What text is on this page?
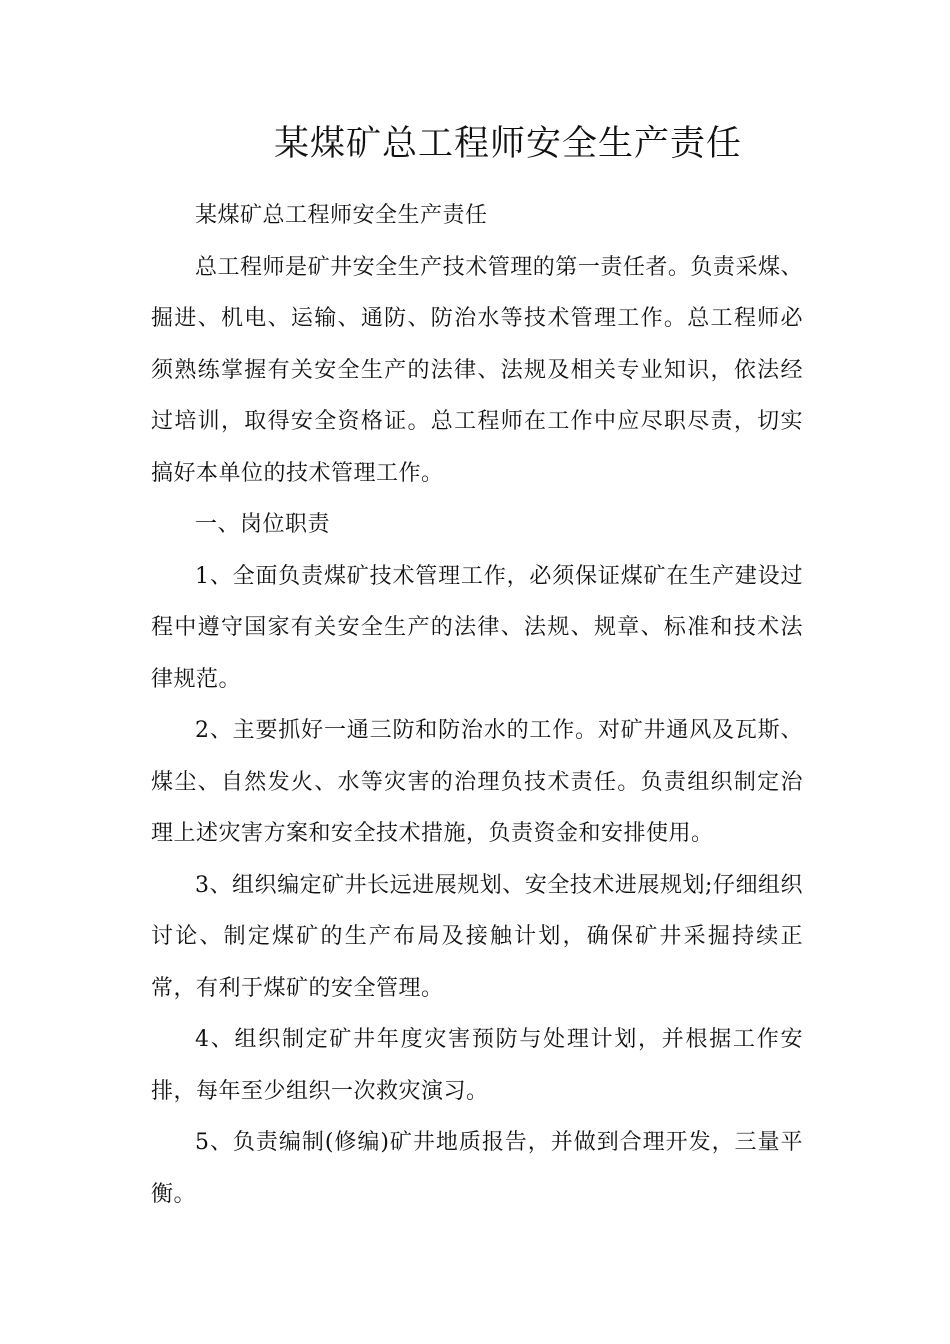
某煤矿总工程师安全生产责任

某煤矿总工程师安全生产责任

总工程师是矿井安全生产技术管理的第一责任者。负责采煤、掘进、机电、运输、通防、防治水等技术管理工作。总工程师必须熟练掌握有关安全生产的法律、法规及相关专业知识，依法经过培训，取得安全资格证。总工程师在工作中应尽职尽责，切实搞好本单位的技术管理工作。

一、岗位职责

1、全面负责煤矿技术管理工作，必须保证煤矿在生产建设过程中遵守国家有关安全生产的法律、法规、规章、标准和技术法律规范。

2、主要抓好一通三防和防治水的工作。对矿井通风及瓦斯、煤尘、自然发火、水等灾害的治理负技术责任。负责组织制定治理上述灾害方案和安全技术措施，负责资金和安排使用。

3、组织编定矿井长远进展规划、安全技术进展规划;仔细组织讨论、制定煤矿的生产布局及接触计划，确保矿井采掘持续正常，有利于煤矿的安全管理。

4、组织制定矿井年度灾害预防与处理计划，并根据工作安排，每年至少组织一次救灾演习。

5、负责编制(修编)矿井地质报告，并做到合理开发，三量平衡。
